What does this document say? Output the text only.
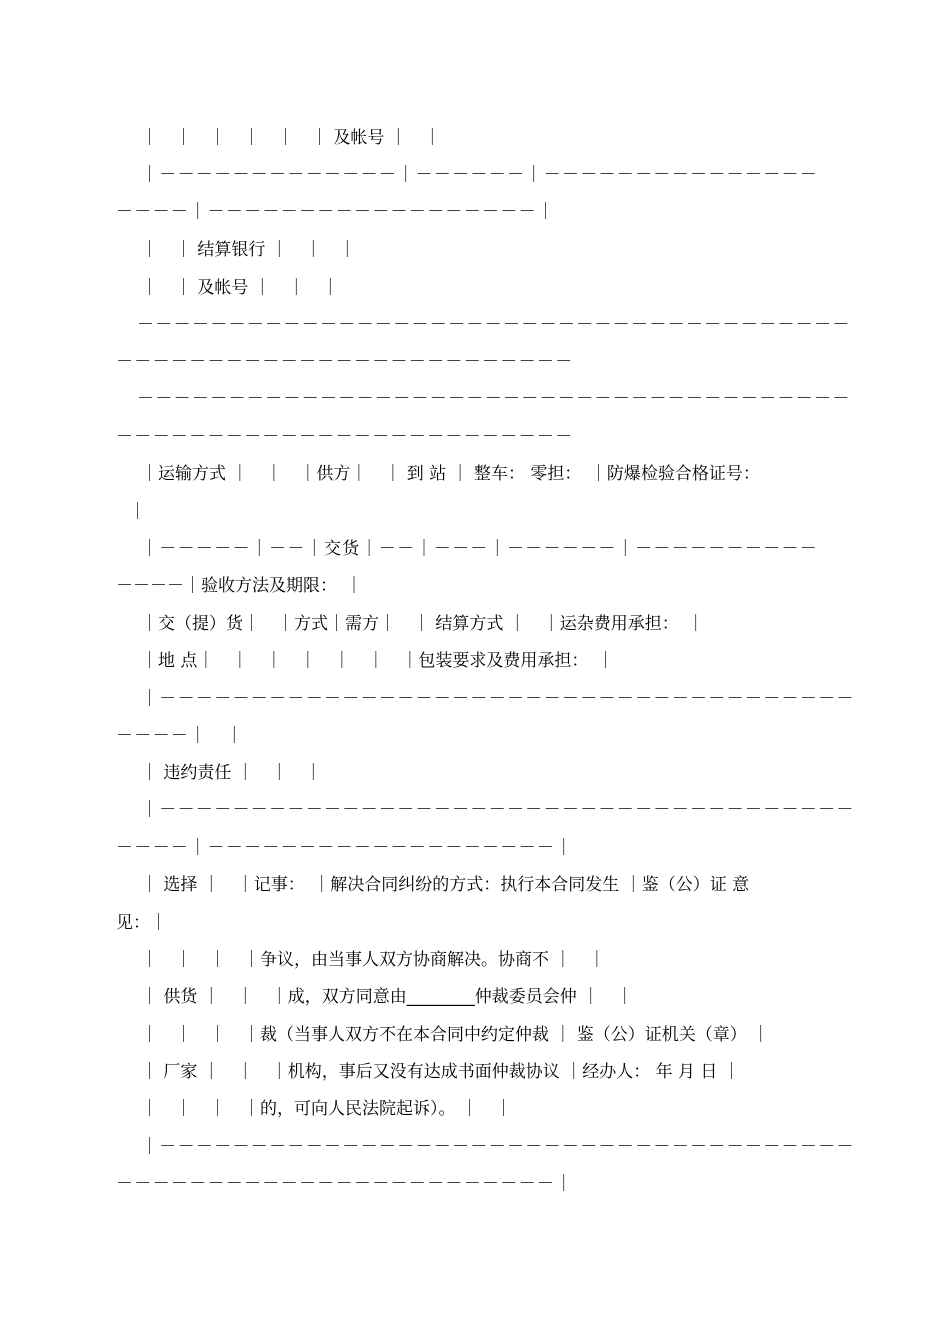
｜　｜　｜　｜　｜　｜ 及帐号 ｜　｜
｜－－－－－－－－－－－－－｜－－－－－－｜－－－－－－－－－－－－－－－
－－－－｜－－－－－－－－－－－－－－－－－－｜
｜　｜ 结算银行 ｜　｜　｜
｜　｜ 及帐号 ｜　｜　｜
－－－－－－－－－－－－－－－－－－－－－－－－－－－－－－－－－－－－－－－
－－－－－－－－－－－－－－－－－－－－－－－－－
－－－－－－－－－－－－－－－－－－－－－－－－－－－－－－－－－－－－－－－
－－－－－－－－－－－－－－－－－－－－－－－－－
｜运输方式 ｜　｜　｜供方｜　｜ 到 站 ｜ 整车： 零担：　｜防爆检验合格证号：
｜
｜－－－－－｜－－｜交货｜－－｜－－－｜－－－－－－｜－－－－－－－－－－
－－－－｜验收方法及期限：　｜
｜交（提）货｜　｜方式｜需方｜　｜ 结算方式 ｜　｜运杂费用承担：　｜
｜地 点｜　｜　｜　｜　｜　｜　｜包装要求及费用承担：　｜
｜－－－－－－－－－－－－－－－－－－－－－－－－－－－－－－－－－－－－－－
－－－－｜　｜
｜ 违约责任 ｜　｜　｜
｜－－－－－－－－－－－－－－－－－－－－－－－－－－－－－－－－－－－－－－
－－－－｜－－－－－－－－－－－－－－－－－－－｜
｜ 选择 ｜　｜记事：　｜解决合同纠纷的方式：执行本合同发生 ｜鉴（公）证 意
见：｜
｜　｜　｜　｜争议，由当事人双方协商解决。协商不 ｜　｜
｜ 供货 ｜　｜　｜成，双方同意由________仲裁委员会仲 ｜　｜
｜　｜　｜　｜裁（当事人双方不在本合同中约定仲裁 ｜ 鉴（公）证机关（章） ｜
｜ 厂家 ｜　｜　｜机构，事后又没有达成书面仲裁协议 ｜经办人： 年 月 日 ｜
｜　｜　｜　｜的，可向人民法院起诉）。 ｜　｜
｜－－－－－－－－－－－－－－－－－－－－－－－－－－－－－－－－－－－－－－
－－－－－－－－－－－－－－－－－－－－－－－－｜
